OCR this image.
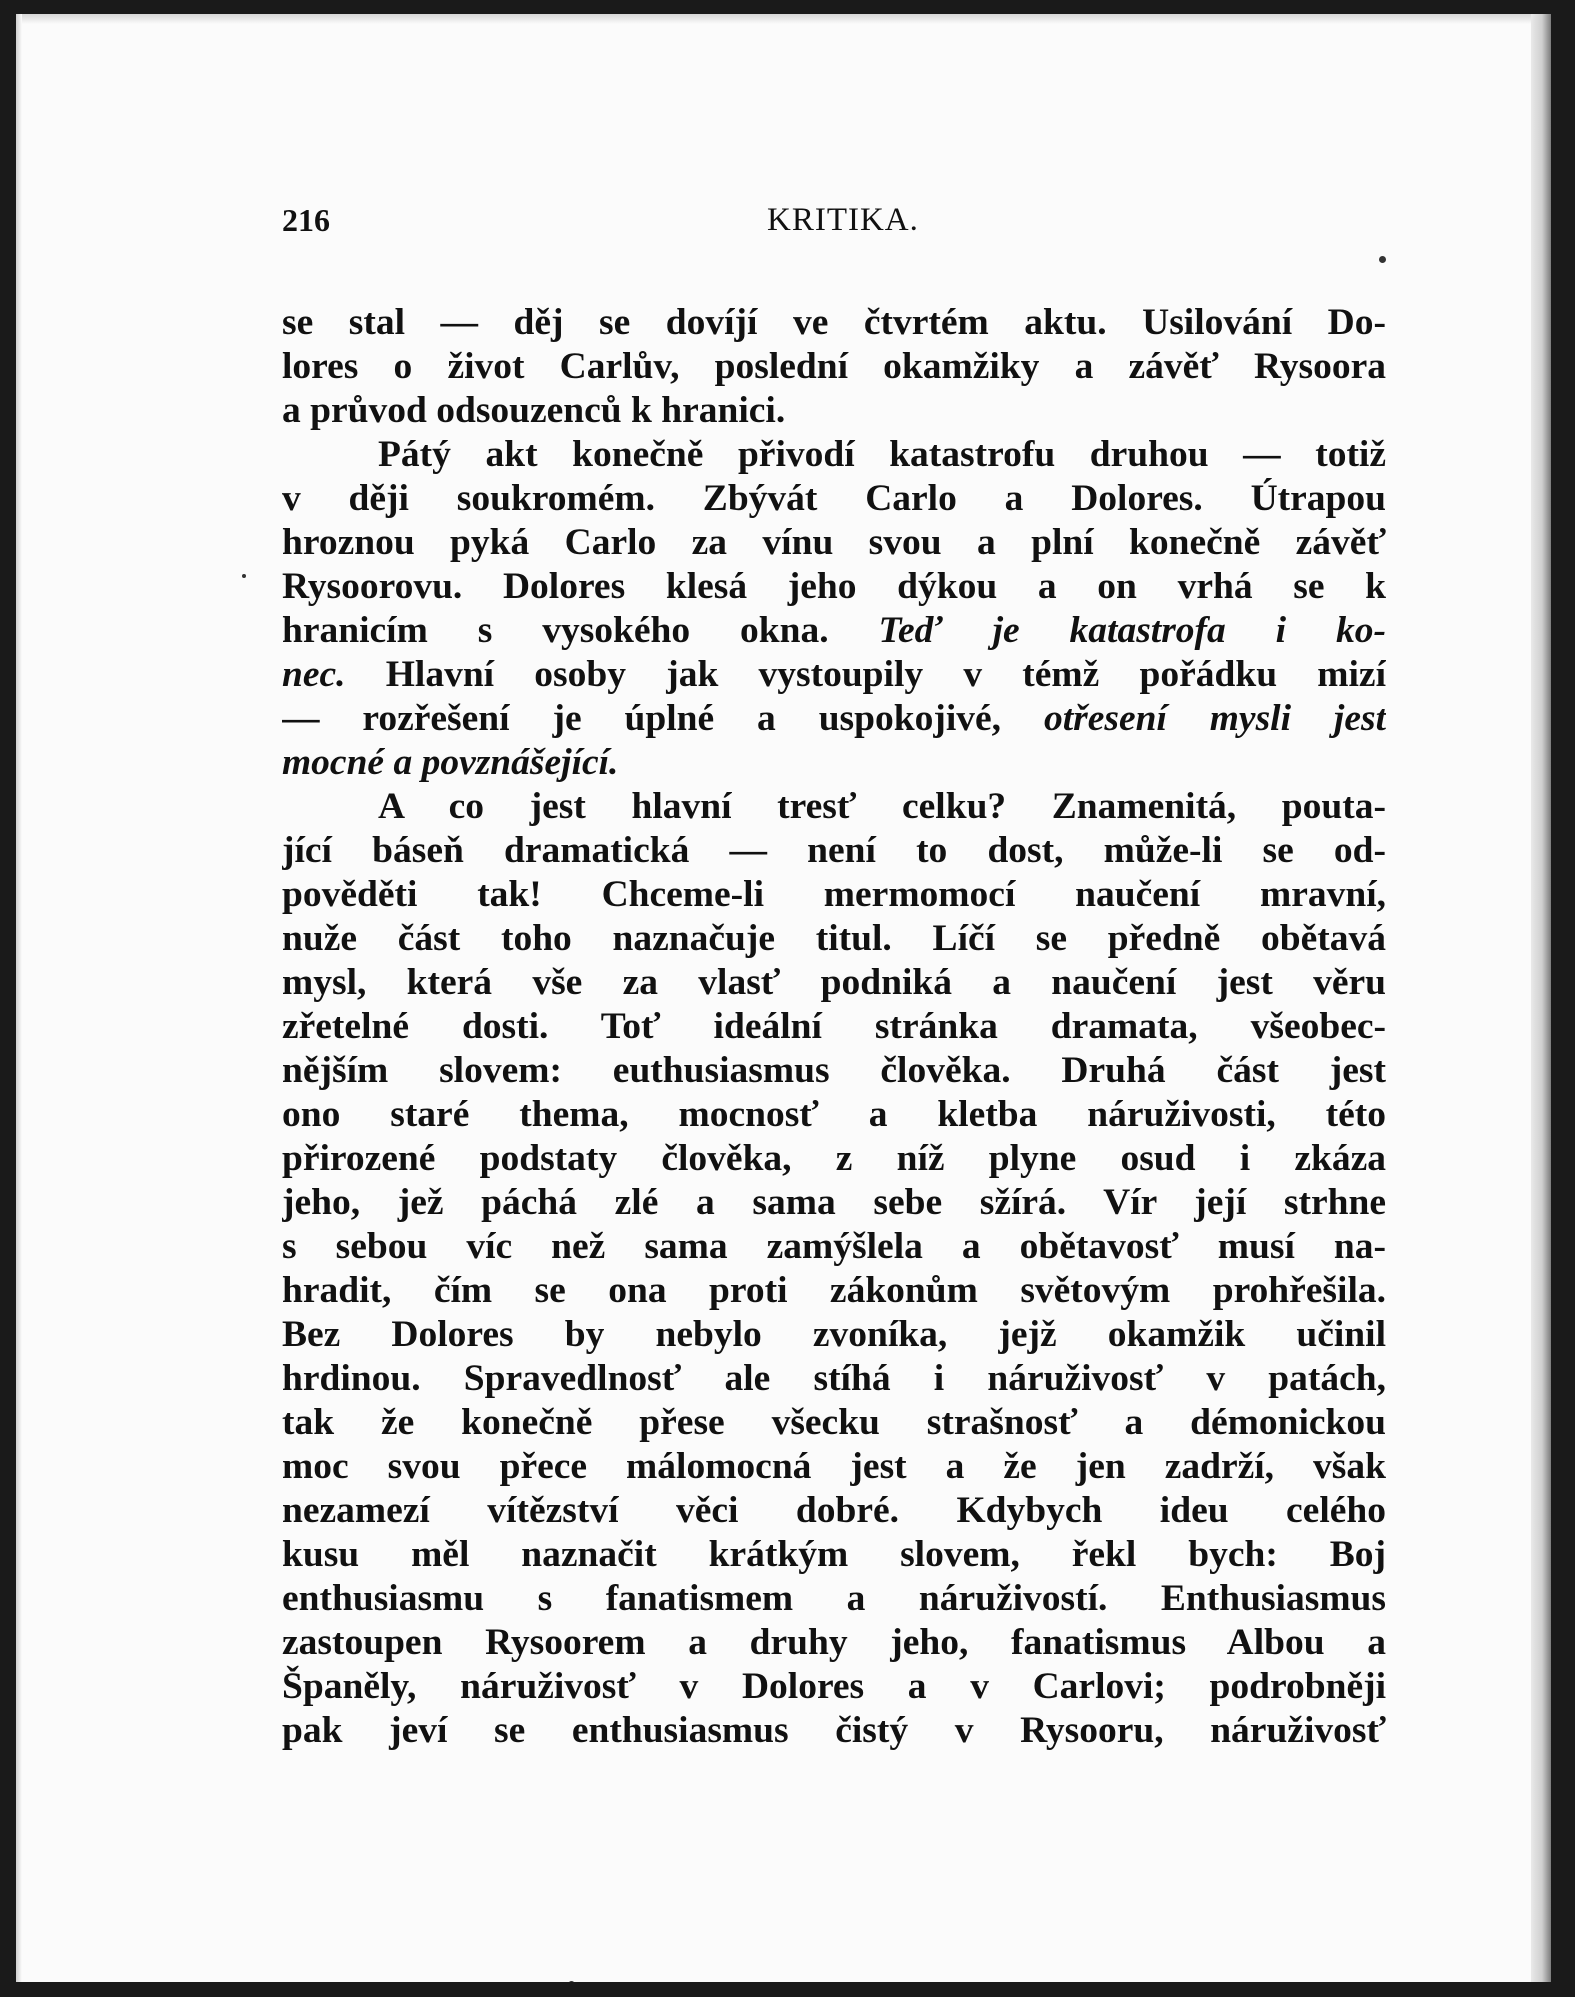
216	KRITIKA.
se stal — děj se dovíjí ve čtvrtém aktu. Usilování Do-
lores o život Carlův, poslední okamžiky a závěť Rysoora
a průvod odsouzenců k hranici.
Pátý akt konečně přivodí katastrofu druhou — totiž
v ději soukromém. Zbývát Carlo a Dolores. Útrapou
hroznou pyká Carlo za vínu svou a plní konečně závěť
Rysoorovu. Dolores klesá jeho dýkou a on vrhá se k
hranicím s vysokého okna. Teď je katastrofa i ko-
nec. Hlavní osoby jak vystoupily v témž pořádku mizí
— rozřešení je úplné a uspokojivé, otřesení mysli jest
mocné a povznášející.
A co jest hlavní tresť celku? Znamenitá, pouta-
jící báseň dramatická — není to dost, může-li se od-
pověděti tak! Chceme-li mermomocí naučení mravní,
nuže část toho naznačuje titul. Líčí se předně obětavá
mysl, která vše za vlasť podniká a naučení jest věru
zřetelné dosti. Toť ideální stránka dramata, všeobec-
nějším slovem: euthusiasmus člověka. Druhá část jest
ono staré thema, mocnosť a kletba náruživosti, této
přirozené podstaty člověka, z níž plyne osud i zkáza
jeho, jež páchá zlé a sama sebe sžírá. Vír její strhne
s sebou víc než sama zamýšlela a obětavosť musí na-
hradit, čím se ona proti zákonům světovým prohřešila.
Bez Dolores by nebylo zvoníka, jejž okamžik učinil
hrdinou. Spravedlnosť ale stíhá i náruživosť v patách,
tak že konečně přese všecku strašnosť a démonickou
moc svou přece málomocná jest a že jen zadrží, však
nezamezí vítězství věci dobré. Kdybych ideu celého
kusu měl naznačit krátkým slovem, řekl bych: Boj
enthusiasmu s fanatismem a náruživostí. Enthusiasmus
zastoupen Rysoorem a druhy jeho, fanatismus Albou a
Španěly, náruživosť v Dolores a v Carlovi; podrobněji
pak jeví se enthusiasmus čistý v Rysooru, náruživosť
